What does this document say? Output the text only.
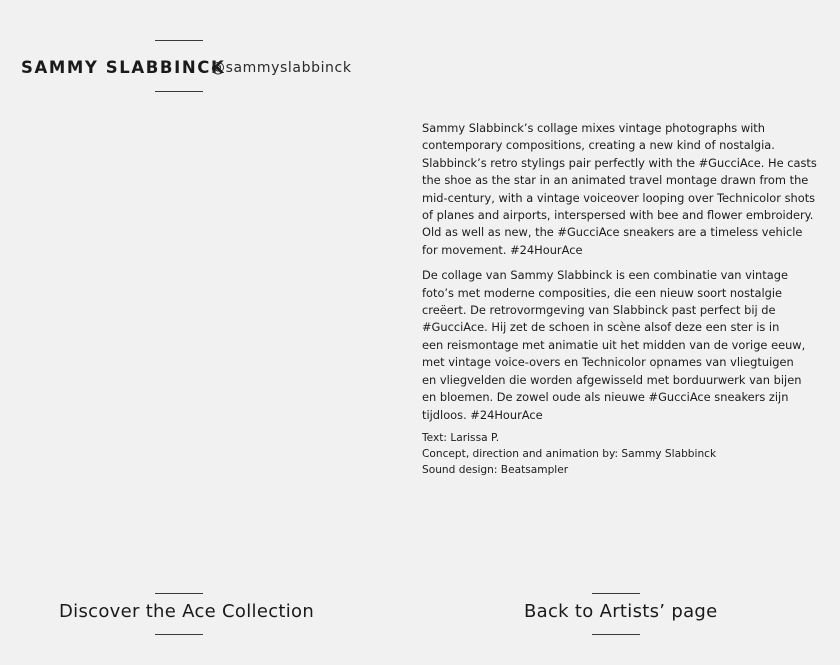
SAMMY SLABBINCK
@sammyslabbinck
Sammy Slabbinck’s collage mixes vintage photographs with
contemporary compositions, creating a new kind of nostalgia.
Slabbinck’s retro stylings pair perfectly with the #GucciAce. He casts
the shoe as the star in an animated travel montage drawn from the
mid-century, with a vintage voiceover looping over Technicolor shots
of planes and airports, interspersed with bee and flower embroidery.
Old as well as new, the #GucciAce sneakers are a timeless vehicle
for movement. #24HourAce
De collage van Sammy Slabbinck is een combinatie van vintage
foto’s met moderne composities, die een nieuw soort nostalgie
creëert. De retrovormgeving van Slabbinck past perfect bij de
#GucciAce. Hij zet de schoen in scène alsof deze een ster is in
een reismontage met animatie uit het midden van de vorige eeuw,
met vintage voice-overs en Technicolor opnames van vliegtuigen
en vliegvelden die worden afgewisseld met borduurwerk van bijen
en bloemen. De zowel oude als nieuwe #GucciAce sneakers zijn
tijdloos. #24HourAce
Text: Larissa P.
Concept, direction and animation by: Sammy Slabbinck
Sound design: Beatsampler
Discover the Ace Collection	Back to Artists’ page
